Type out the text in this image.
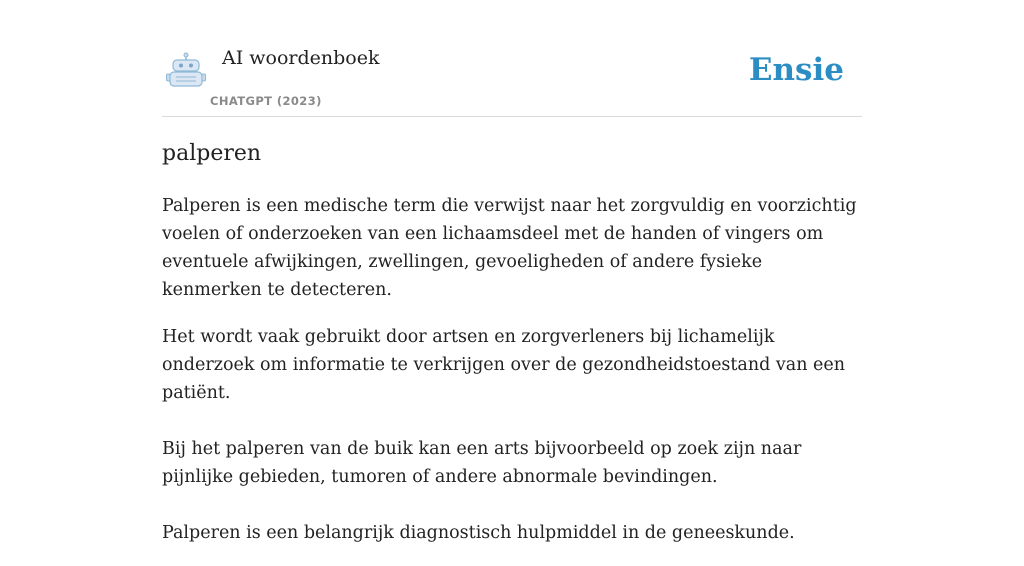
AI woordenboek
CHATGPT (2023)
Ensie
palperen

Palperen is een medische term die verwijst naar het zorgvuldig en voorzichtig voelen of onderzoeken van een lichaamsdeel met de handen of vingers om eventuele afwijkingen, zwellingen, gevoeligheden of andere fysieke kenmerken te detecteren.

Het wordt vaak gebruikt door artsen en zorgverleners bij lichamelijk onderzoek om informatie te verkrijgen over de gezondheidstoestand van een patiënt.

Bij het palperen van de buik kan een arts bijvoorbeeld op zoek zijn naar pijnlijke gebieden, tumoren of andere abnormale bevindingen.

Palperen is een belangrijk diagnostisch hulpmiddel in de geneeskunde.
